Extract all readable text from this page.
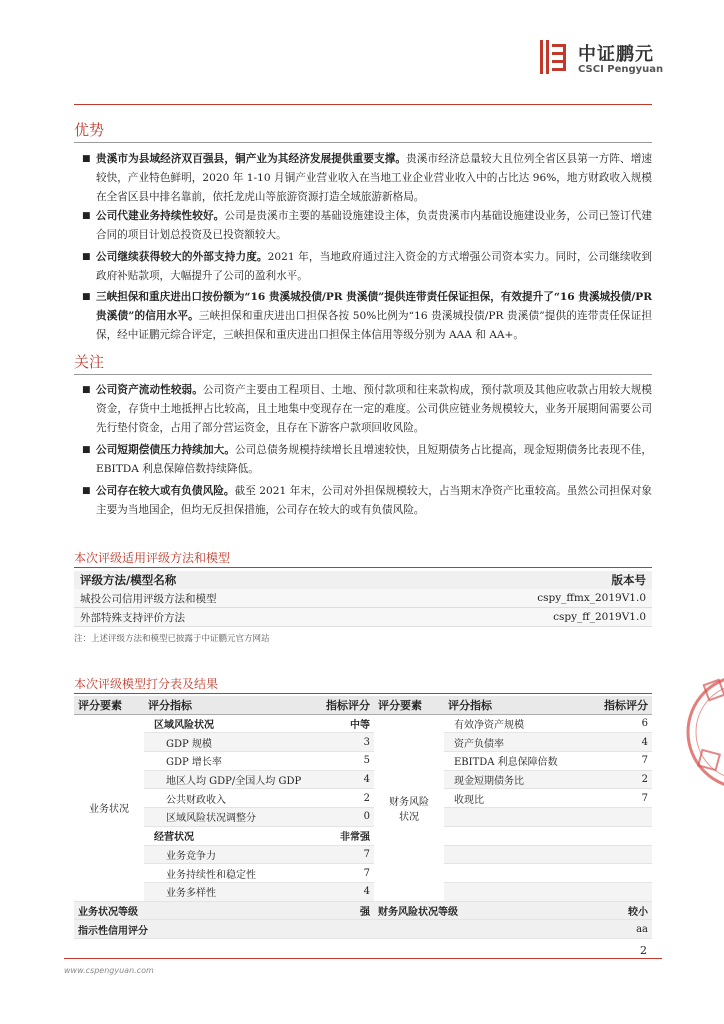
中证鹏元
CSCI Pengyuan
优势
■ 贵溪市为县域经济双百强县，铜产业为其经济发展提供重要支撑。贵溪市经济总量较大且位列全省区县第一方阵、增速较快，产业特色鲜明，2020 年 1-10 月铜产业营业收入在当地工业企业营业收入中的占比达 96%，地方财政收入规模在全省区县中排名靠前，依托龙虎山等旅游资源打造全域旅游新格局。
■ 公司代建业务持续性较好。公司是贵溪市主要的基础设施建设主体，负责贵溪市内基础设施建设业务，公司已签订代建合同的项目计划总投资及已投资额较大。
■ 公司继续获得较大的外部支持力度。2021 年，当地政府通过注入资金的方式增强公司资本实力。同时，公司继续收到政府补贴款项，大幅提升了公司的盈利水平。
■ 三峡担保和重庆进出口按份额为“16 贵溪城投债/PR 贵溪债”提供连带责任保证担保，有效提升了“16 贵溪城投债/PR 贵溪债”的信用水平。三峡担保和重庆进出口担保各按 50%比例为“16 贵溪城投债/PR 贵溪债”提供的连带责任保证担保，经中证鹏元综合评定，三峡担保和重庆进出口担保主体信用等级分别为 AAA 和 AA+。
关注
■ 公司资产流动性较弱。公司资产主要由工程项目、土地、预付款项和往来款构成，预付款项及其他应收款占用较大规模资金，存货中土地抵押占比较高，且土地集中变现存在一定的难度。公司供应链业务规模较大，业务开展期间需要公司先行垫付资金，占用了部分营运资金，且存在下游客户款项回收风险。
■ 公司短期偿债压力持续加大。公司总债务规模持续增长且增速较快，且短期债务占比提高，现金短期债务比表现不佳，EBITDA 利息保障倍数持续降低。
■ 公司存在较大或有负债风险。截至 2021 年末，公司对外担保规模较大，占当期末净资产比重较高。虽然公司担保对象主要为当地国企，但均无反担保措施，公司存在较大的或有负债风险。
本次评级适用评级方法和模型
评级方法/模型名称	版本号
城投公司信用评级方法和模型	cspy_ffmx_2019V1.0
外部特殊支持评价方法	cspy_ff_2019V1.0
注：上述评级方法和模型已披露于中证鹏元官方网站
本次评级模型打分表及结果
评分要素	评分指标	指标评分	评分要素	评分指标	指标评分
业务状况	区域风险状况	中等	财务风险状况	有效净资产规模	6
	GDP 规模	3		资产负债率	4
	GDP 增长率	5		EBITDA 利息保障倍数	7
	地区人均 GDP/全国人均 GDP	4		现金短期债务比	2
	公共财政收入	2		收现比	7
	区域风险状况调整分	0			
	经营状况	非常强			
	业务竞争力	7			
	业务持续性和稳定性	7			
	业务多样性	4			
业务状况等级		强	财务风险状况等级		较小
指示性信用评分					aa
2
www.cspengyuan.com
